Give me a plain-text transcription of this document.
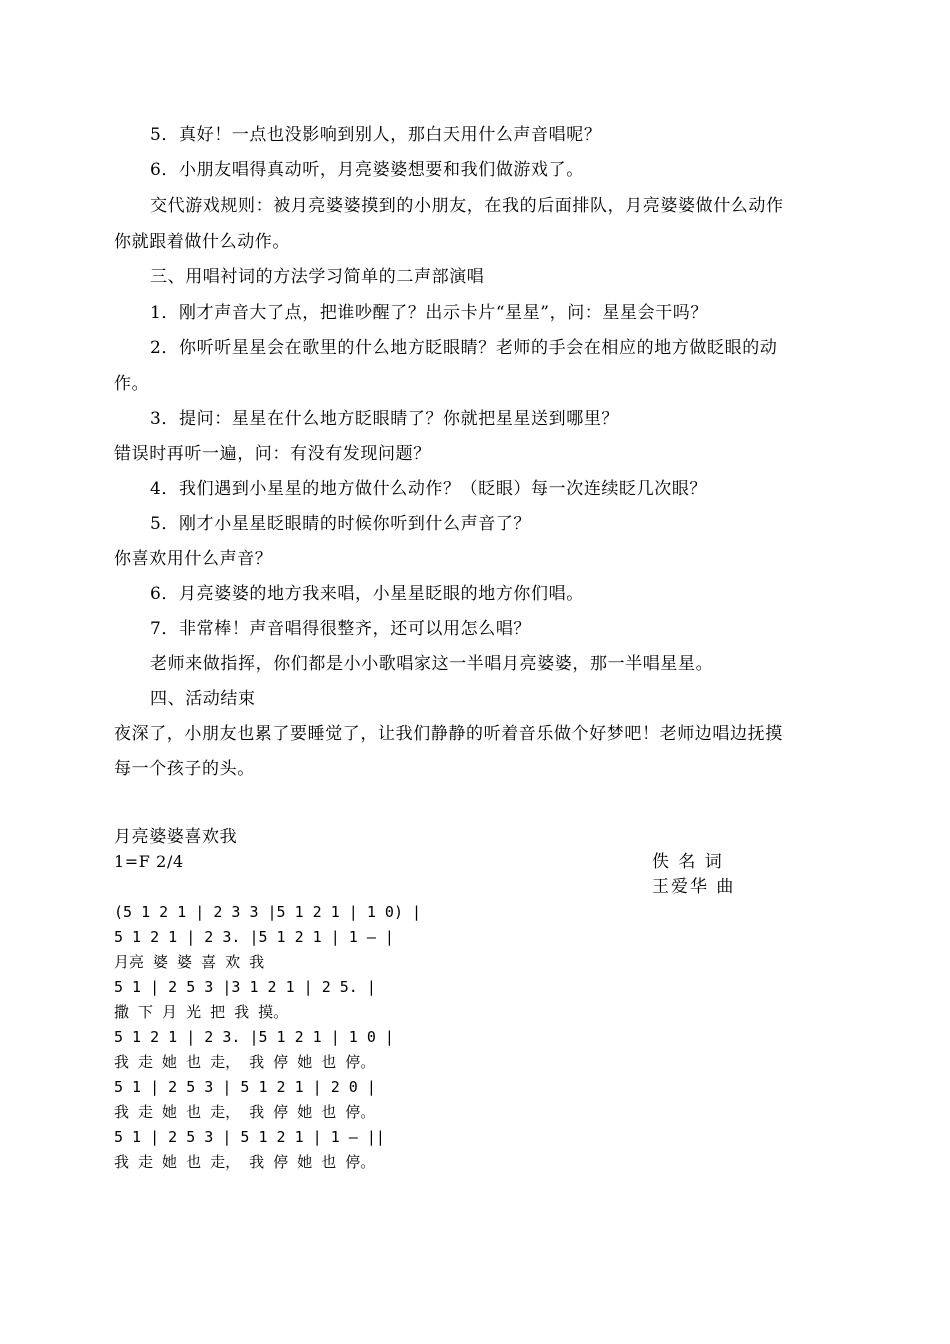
5．真好！一点也没影响到别人，那白天用什么声音唱呢？
6．小朋友唱得真动听，月亮婆婆想要和我们做游戏了。
交代游戏规则：被月亮婆婆摸到的小朋友，在我的后面排队，月亮婆婆做什么动作
你就跟着做什么动作。
三、用唱衬词的方法学习简单的二声部演唱
1．刚才声音大了点，把谁吵醒了？出示卡片“星星”，问：星星会干吗？
2．你听听星星会在歌里的什么地方眨眼睛？老师的手会在相应的地方做眨眼的动
作。
3．提问：星星在什么地方眨眼睛了？你就把星星送到哪里？
错误时再听一遍，问：有没有发现问题？
4．我们遇到小星星的地方做什么动作？（眨眼）每一次连续眨几次眼？
5．刚才小星星眨眼睛的时候你听到什么声音了？
你喜欢用什么声音？
6．月亮婆婆的地方我来唱，小星星眨眼的地方你们唱。
7．非常棒！声音唱得很整齐，还可以用怎么唱？
老师来做指挥，你们都是小小歌唱家这一半唱月亮婆婆，那一半唱星星。
四、活动结束
夜深了，小朋友也累了要睡觉了，让我们静静的听着音乐做个好梦吧！老师边唱边抚摸
每一个孩子的头。
月亮婆婆喜欢我
1=F 2/4	佚 名 词
王爱华 曲
(5 1 2 1 | 2 3 3 |5 1 2 1 | 1 0) |
5 1 2 1 | 2 3. |5 1 2 1 | 1 — |
月亮 婆 婆 喜 欢 我
5 1 | 2 5 3 |3 1 2 1 | 2 5. |
撒 下 月 光 把 我 摸。
5 1 2 1 | 2 3. |5 1 2 1 | 1 0 |
我 走 她 也 走， 我 停 她 也 停。
5 1 | 2 5 3 | 5 1 2 1 | 2 0 |
我 走 她 也 走， 我 停 她 也 停。
5 1 | 2 5 3 | 5 1 2 1 | 1 — ||
我 走 她 也 走， 我 停 她 也 停。
